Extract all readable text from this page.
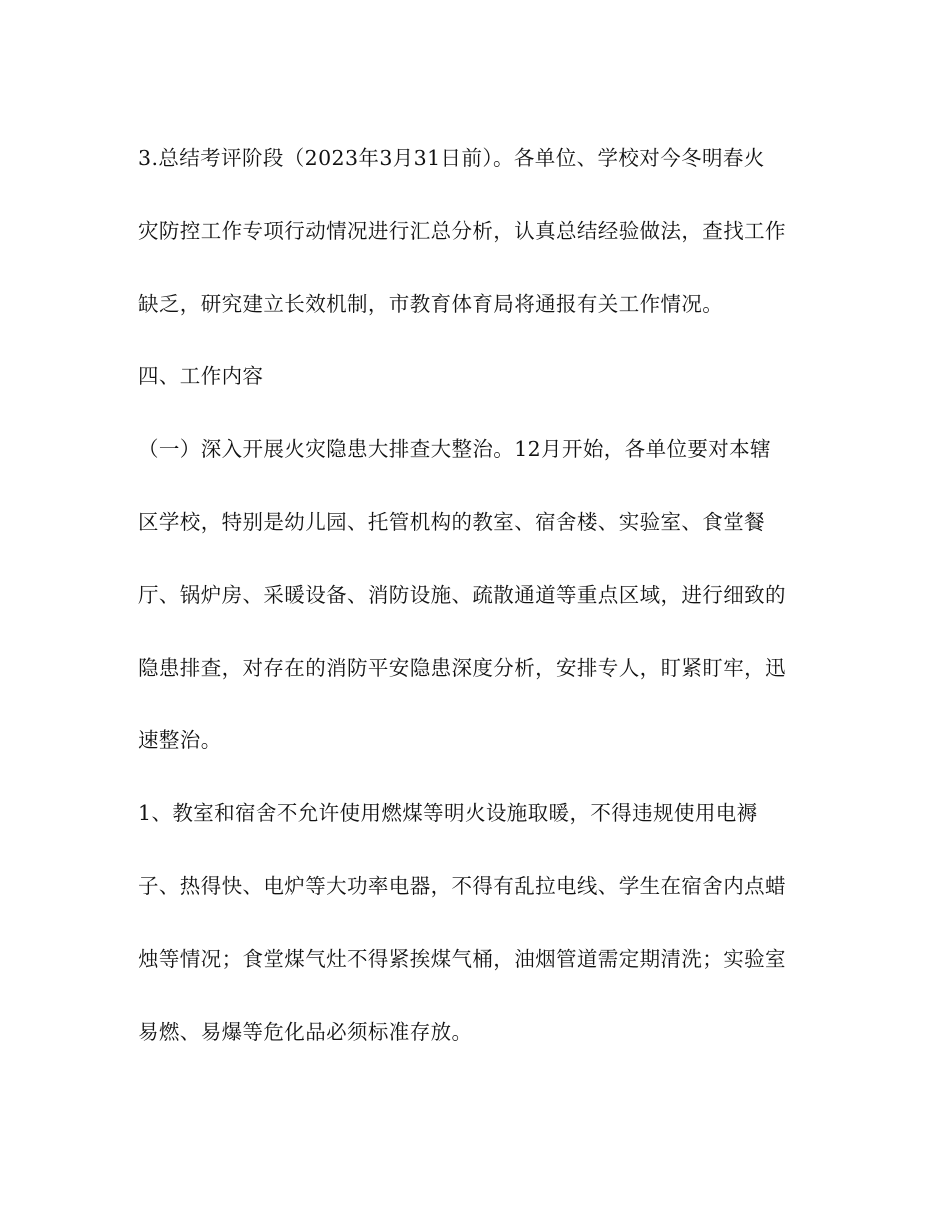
3.总结考评阶段（2023年3月31日前）。各单位、学校对今冬明春火
灾防控工作专项行动情况进行汇总分析，认真总结经验做法，查找工作
缺乏，研究建立长效机制，市教育体育局将通报有关工作情况。
四、工作内容
（一）深入开展火灾隐患大排查大整治。12月开始，各单位要对本辖
区学校，特别是幼儿园、托管机构的教室、宿舍楼、实验室、食堂餐
厅、锅炉房、采暖设备、消防设施、疏散通道等重点区域，进行细致的
隐患排查，对存在的消防平安隐患深度分析，安排专人，盯紧盯牢，迅
速整治。
1、教室和宿舍不允许使用燃煤等明火设施取暖，不得违规使用电褥
子、热得快、电炉等大功率电器，不得有乱拉电线、学生在宿舍内点蜡
烛等情况；食堂煤气灶不得紧挨煤气桶，油烟管道需定期清洗；实验室
易燃、易爆等危化品必须标准存放。
